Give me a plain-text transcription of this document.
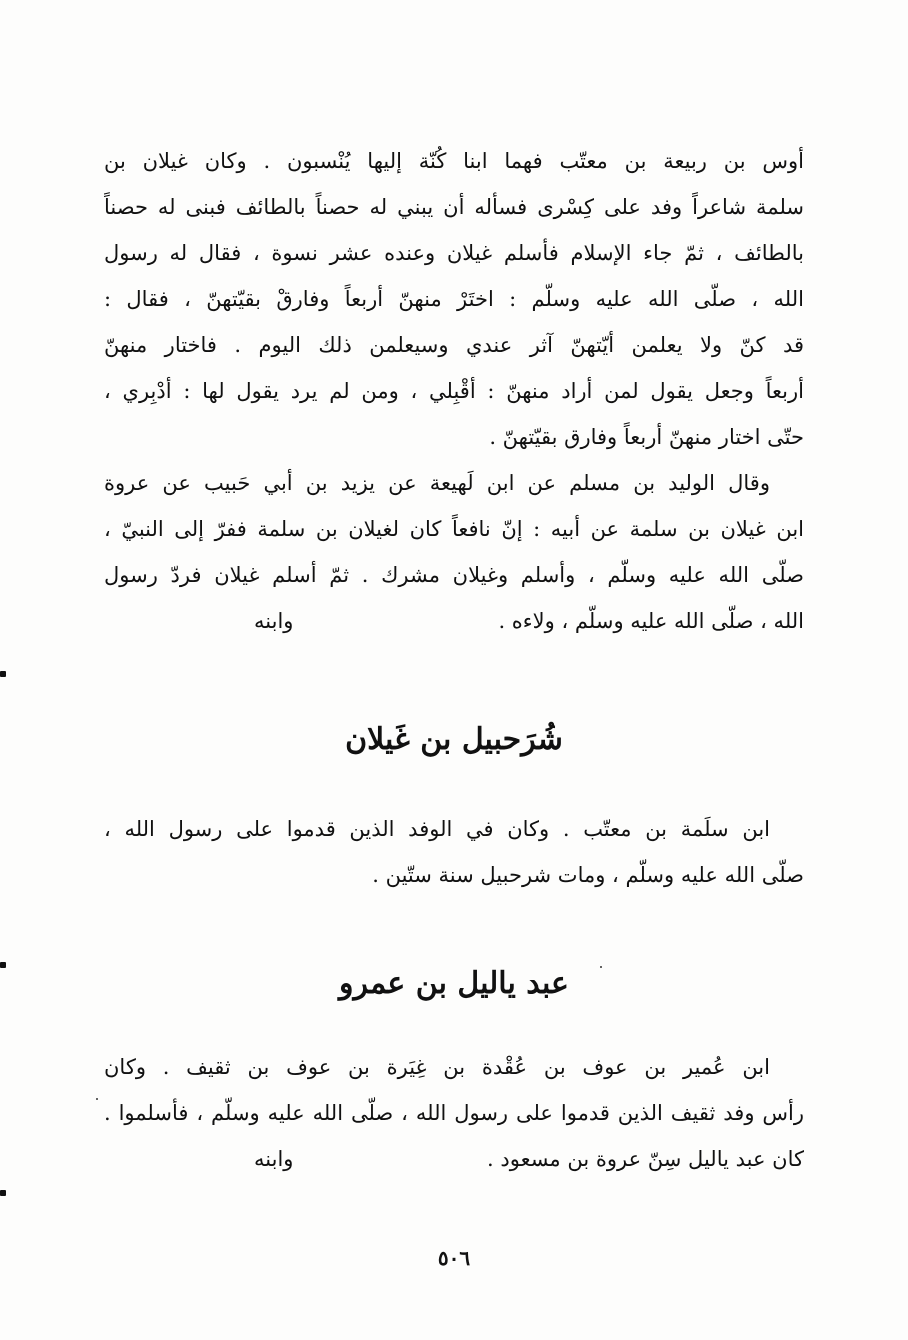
أوس بن ربيعة بن معتّب فهما ابنا كُنّة إليها يُنْسبون . وكان غيلان بن
سلمة شاعراً وفد على كِسْرى فسأله أن يبني له حصناً بالطائف فبنى له حصناً
بالطائف ، ثمّ جاء الإسلام فأسلم غيلان وعنده عشر نسوة ، فقال له رسول
الله ، صلّى الله عليه وسلّم : اختَرْ منهنّ أربعاً وفارقْ بقيّتهنّ ، فقال :
قد كنّ ولا يعلمن أيّتهنّ آثر عندي وسيعلمن ذلك اليوم . فاختار منهنّ
أربعاً وجعل يقول لمن أراد منهنّ : أقْبِلي ، ومن لم يرد يقول لها : أدْبِري ،
حتّى اختار منهنّ أربعاً وفارق بقيّتهنّ .
وقال الوليد بن مسلم عن ابن لَهيعة عن يزيد بن أبي حَبيب عن عروة
ابن غيلان بن سلمة عن أبيه : إنّ نافعاً كان لغيلان بن سلمة ففرّ إلى النبيّ ،
صلّى الله عليه وسلّم ، وأسلم وغيلان مشرك . ثمّ أسلم غيلان فردّ رسول
الله ، صلّى الله عليه وسلّم ، ولاءه .
وابنه
شُرَحبيل بن غَيلان
ابن سلَمة بن معتّب . وكان في الوفد الذين قدموا على رسول الله ،
صلّى الله عليه وسلّم ، ومات شرحبيل سنة ستّين .
عبد ياليل بن عمرو
ابن عُمير بن عوف بن عُقْدة بن غِيَرة بن عوف بن ثقيف . وكان
رأس وفد ثقيف الذين قدموا على رسول الله ، صلّى الله عليه وسلّم ، فأسلموا .
كان عبد ياليل سِنّ عروة بن مسعود .
وابنه
٥٠٦
